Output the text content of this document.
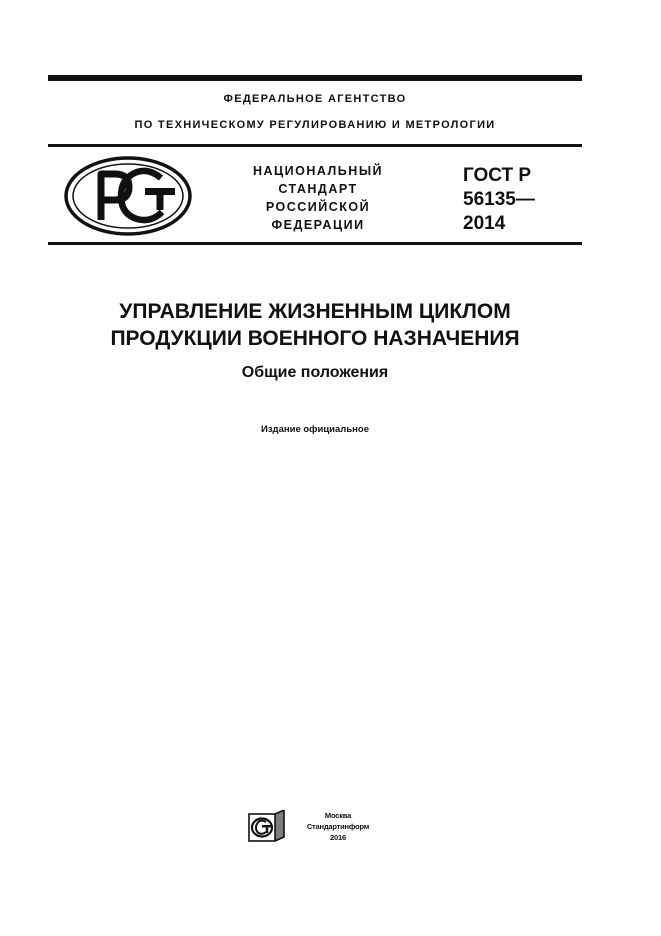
ФЕДЕРАЛЬНОЕ АГЕНТСТВО
ПО ТЕХНИЧЕСКОМУ РЕГУЛИРОВАНИЮ И МЕТРОЛОГИИ
НАЦИОНАЛЬНЫЙ
СТАНДАРТ
РОССИЙСКОЙ
ФЕДЕРАЦИИ
ГОСТ Р
56135—
2014
УПРАВЛЕНИЕ ЖИЗНЕННЫМ ЦИКЛОМ
ПРОДУКЦИИ ВОЕННОГО НАЗНАЧЕНИЯ
Общие положения
Издание официальное
Москва
Стандартинформ
2016
